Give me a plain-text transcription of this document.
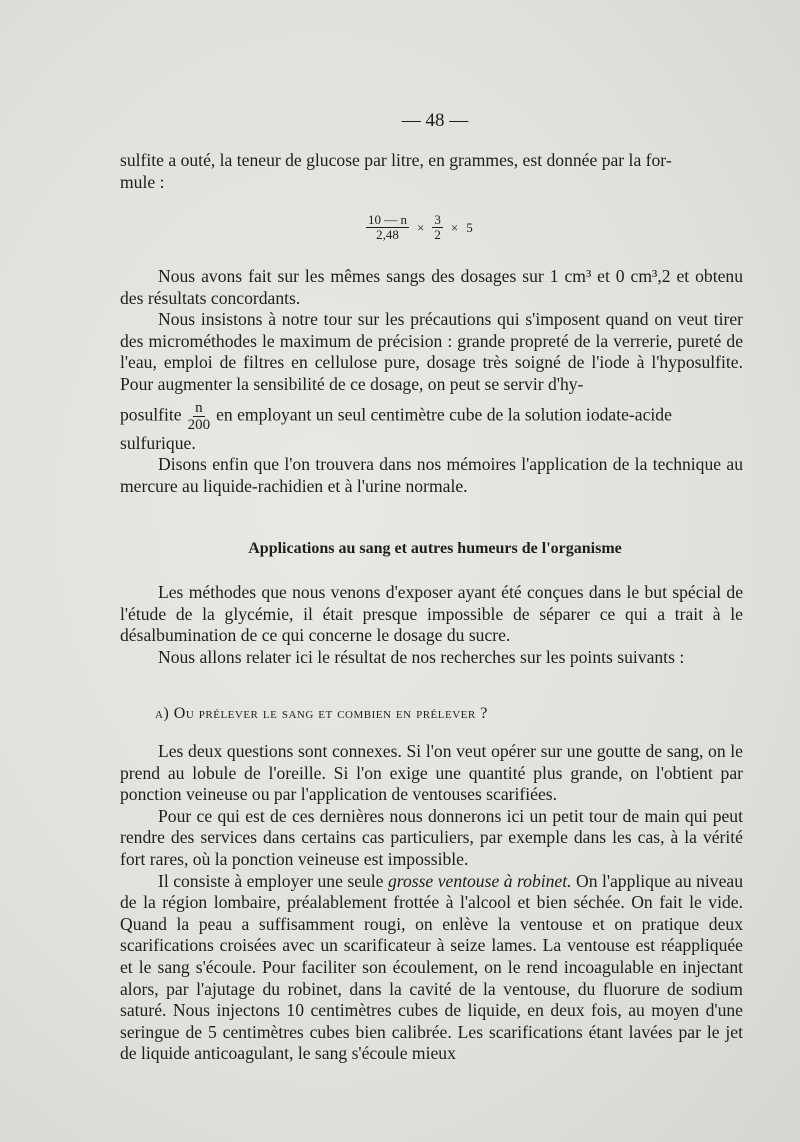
— 48 —

sulfite a outé, la teneur de glucose par litre, en grammes, est donnée par la for-
mule :

$\frac{10 — n}{2,48} \times \frac{3}{2} \times 5$

Nous avons fait sur les mêmes sangs des dosages sur 1 cm³ et 0 cm³,2 et obtenu des résultats concordants.

Nous insistons à notre tour sur les précautions qui s'imposent quand on veut tirer des microméthodes le maximum de précision : grande propreté de la verrerie, pureté de l'eau, emploi de filtres en cellulose pure, dosage très soigné de l'iode à l'hyposulfite. Pour augmenter la sensibilité de ce dosage, on peut se servir d'hy-

posulfite $\frac{n}{200}$ en employant un seul centimètre cube de la solution iodate-acide

sulfurique.

Disons enfin que l'on trouvera dans nos mémoires l'application de la technique au mercure au liquide-rachidien et à l'urine normale.

Applications au sang et autres humeurs de l'organisme

Les méthodes que nous venons d'exposer ayant été conçues dans le but spécial de l'étude de la glycémie, il était presque impossible de séparer ce qui a trait à le désalbumination de ce qui concerne le dosage du sucre.

Nous allons relater ici le résultat de nos recherches sur les points suivants :

a) Ou prélever le sang et combien en prélever ?

Les deux questions sont connexes. Si l'on veut opérer sur une goutte de sang, on le prend au lobule de l'oreille. Si l'on exige une quantité plus grande, on l'obtient par ponction veineuse ou par l'application de ventouses scarifiées.

Pour ce qui est de ces dernières nous donnerons ici un petit tour de main qui peut rendre des services dans certains cas particuliers, par exemple dans les cas, à la vérité fort rares, où la ponction veineuse est impossible.

Il consiste à employer une seule grosse ventouse à robinet. On l'applique au niveau de la région lombaire, préalablement frottée à l'alcool et bien séchée. On fait le vide. Quand la peau a suffisamment rougi, on enlève la ventouse et on pratique deux scarifications croisées avec un scarificateur à seize lames. La ventouse est réappliquée et le sang s'écoule. Pour faciliter son écoulement, on le rend incoagulable en injectant alors, par l'ajutage du robinet, dans la cavité de la ventouse, du fluorure de sodium saturé. Nous injectons 10 centimètres cubes de liquide, en deux fois, au moyen d'une seringue de 5 centimètres cubes bien calibrée. Les scarifications étant lavées par le jet de liquide anticoagulant, le sang s'écoule mieux
